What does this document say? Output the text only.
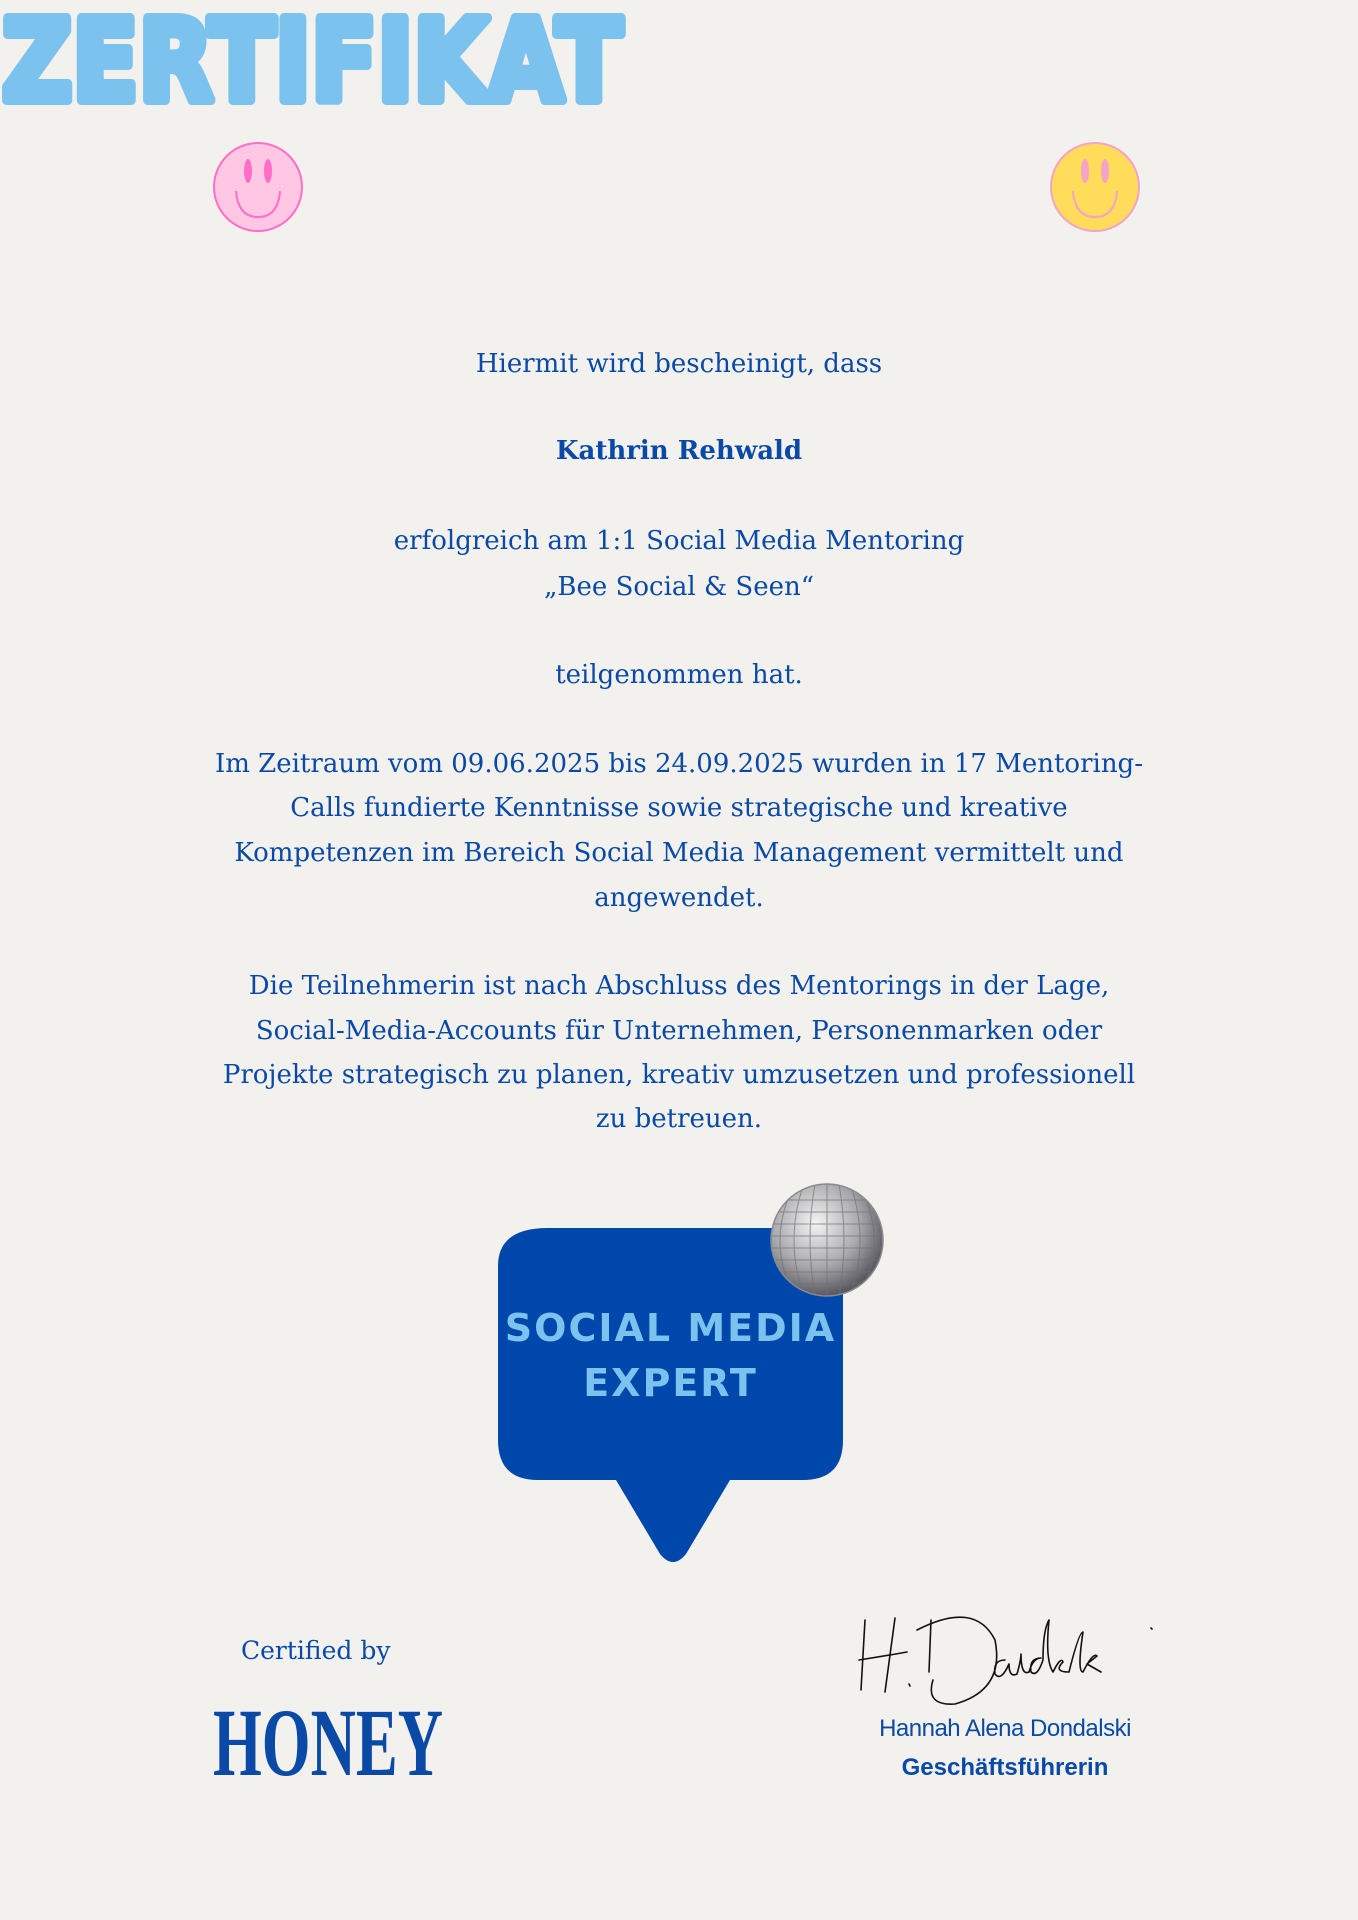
ZERTIFIKAT
Hiermit wird bescheinigt, dass
Kathrin Rehwald
erfolgreich am 1:1 Social Media Mentoring
„Bee Social & Seen“
teilgenommen hat.
Im Zeitraum vom 09.06.2025 bis 24.09.2025 wurden in 17 Mentoring-
Calls fundierte Kenntnisse sowie strategische und kreative
Kompetenzen im Bereich Social Media Management vermittelt und
angewendet.
Die Teilnehmerin ist nach Abschluss des Mentorings in der Lage,
Social-Media-Accounts für Unternehmen, Personenmarken oder
Projekte strategisch zu planen, kreativ umzusetzen und professionell
zu betreuen.
SOCIAL MEDIA
EXPERT
Certified by
HONEY	Hannah Alena Dondalski
Geschäftsführerin
